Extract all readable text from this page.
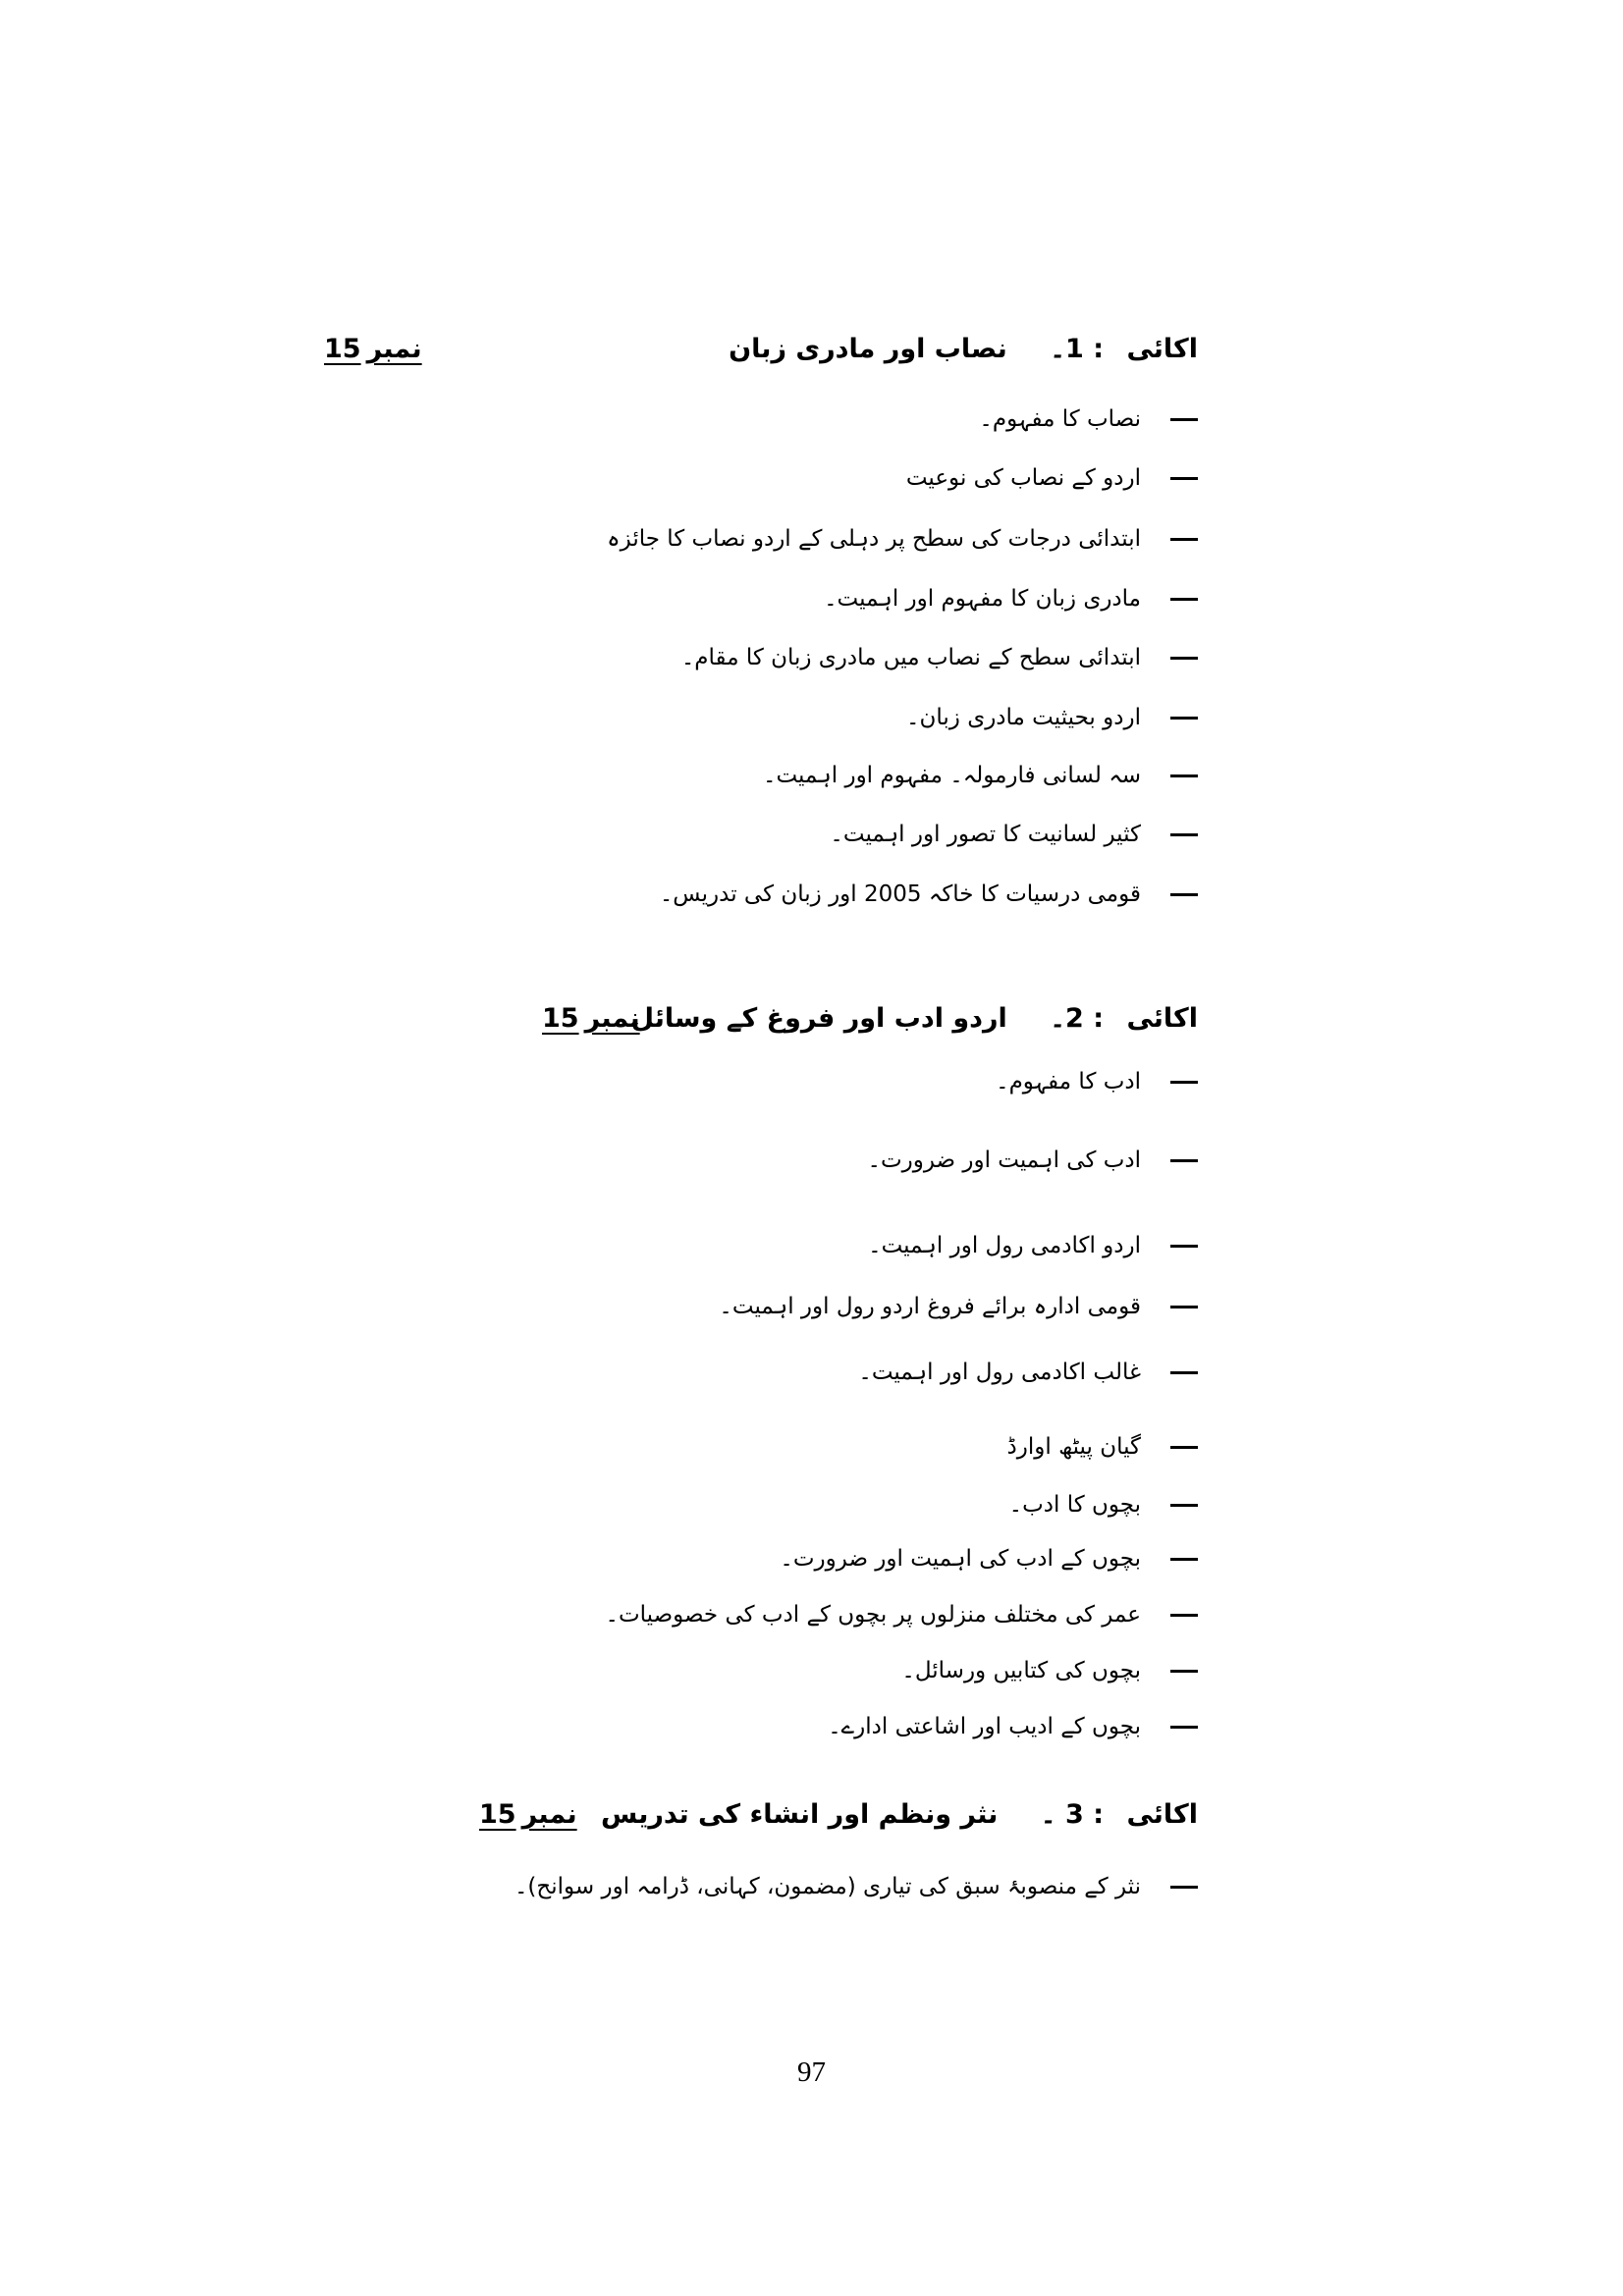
اکائی : 1۔ نصاب اور مادری زبان
نمبر15
نصاب کا مفہوم۔
اردو کے نصاب کی نوعیت
ابتدائی درجات کی سطح پر دہلی کے اردو نصاب کا جائزہ
مادری زبان کا مفہوم اور اہمیت۔
ابتدائی سطح کے نصاب میں مادری زبان کا مقام۔
اردو بحیثیت مادری زبان۔
سہ لسانی فارمولہ۔ مفہوم اور اہمیت۔
کثیر لسانیت کا تصور اور اہمیت۔
قومی درسیات کا خاکہ 2005 اور زبان کی تدریس۔
اکائی : 2۔ اردو ادب اور فروغ کے وسائل
نمبر15
ادب کا مفہوم۔
ادب کی اہمیت اور ضرورت۔
اردو اکادمی رول اور اہمیت۔
قومی ادارہ برائے فروغ اردو رول اور اہمیت۔
غالب اکادمی رول اور اہمیت۔
گیان پیٹھ اوارڈ
بچوں کا ادب۔
بچوں کے ادب کی اہمیت اور ضرورت۔
عمر کی مختلف منزلوں پر بچوں کے ادب کی خصوصیات۔
بچوں کی کتابیں ورسائل۔
بچوں کے ادیب اور اشاعتی ادارے۔
اکائی : 3 ۔ نثر ونظم اور انشاء کی تدریس
نمبر15
نثر کے منصوبۂ سبق کی تیاری (مضمون، کہانی، ڈرامہ اور سوانح)۔
97
